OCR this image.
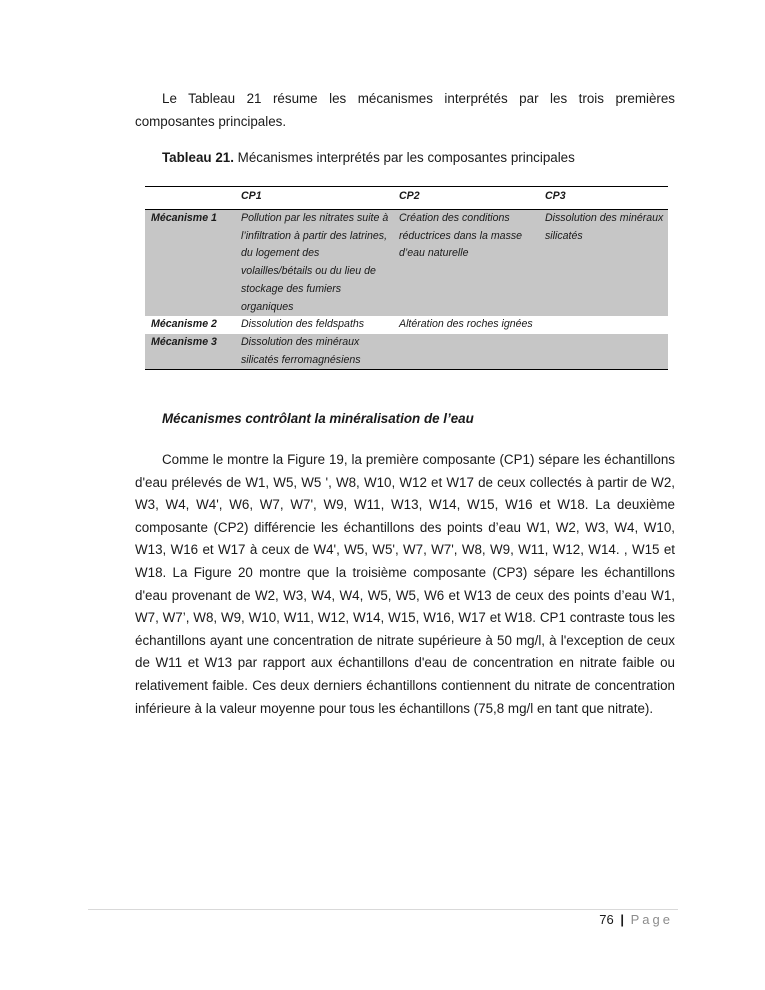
Le Tableau 21 résume les mécanismes interprétés par les trois premières composantes principales.

Tableau 21. Mécanismes interprétés par les composantes principales

	CP1	CP2	CP3
Mécanisme 1	Pollution par les nitrates suite à l’infiltration à partir des latrines, du logement des volailles/bétails ou du lieu de stockage des fumiers organiques	Création des conditions réductrices dans la masse d’eau naturelle	Dissolution des minéraux silicatés
Mécanisme 2	Dissolution des feldspaths	Altération des roches ignées	
Mécanisme 3	Dissolution des minéraux silicatés ferromagnésiens		

Mécanismes contrôlant la minéralisation de l’eau

Comme le montre la Figure 19, la première composante (CP1) sépare les échantillons d'eau prélevés de W1, W5, W5 ', W8, W10, W12 et W17 de ceux collectés à partir de W2, W3, W4, W4', W6, W7, W7', W9, W11, W13, W14, W15, W16 et W18. La deuxième composante (CP2) différencie les échantillons des points d’eau W1, W2, W3, W4, W10, W13, W16 et W17 à ceux de W4', W5, W5', W7, W7', W8, W9, W11, W12, W14. , W15 et W18. La Figure 20 montre que la troisième composante (CP3) sépare les échantillons d'eau provenant de W2, W3, W4, W4, W5, W5, W6 et W13 de ceux des points d’eau W1, W7, W7’, W8, W9, W10, W11, W12, W14, W15, W16, W17 et W18. CP1 contraste tous les échantillons ayant une concentration de nitrate supérieure à 50 mg/l, à l'exception de ceux de W11 et W13 par rapport aux échantillons d'eau de concentration en nitrate faible ou relativement faible. Ces deux derniers échantillons contiennent du nitrate de concentration inférieure à la valeur moyenne pour tous les échantillons (75,8 mg/l en tant que nitrate).

76 | Page
